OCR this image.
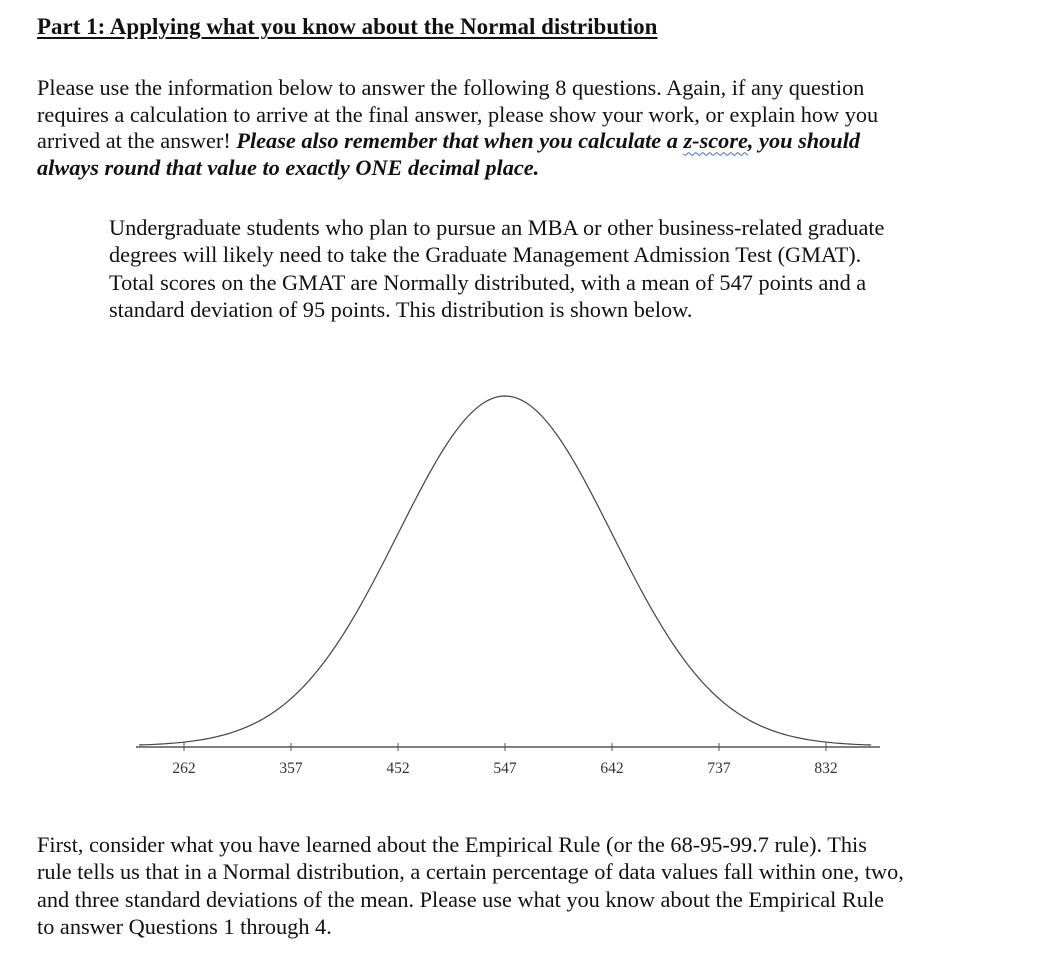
Part 1: Applying what you know about the Normal distribution
Please use the information below to answer the following 8 questions. Again, if any question
requires a calculation to arrive at the final answer, please show your work, or explain how you
arrived at the answer! Please also remember that when you calculate a z-score, you should
always round that value to exactly ONE decimal place.
Undergraduate students who plan to pursue an MBA or other business-related graduate
degrees will likely need to take the Graduate Management Admission Test (GMAT).
Total scores on the GMAT are Normally distributed, with a mean of 547 points and a
standard deviation of 95 points. This distribution is shown below.
262	357	452	547	642	737	832
First, consider what you have learned about the Empirical Rule (or the 68-95-99.7 rule). This
rule tells us that in a Normal distribution, a certain percentage of data values fall within one, two,
and three standard deviations of the mean. Please use what you know about the Empirical Rule
to answer Questions 1 through 4.
